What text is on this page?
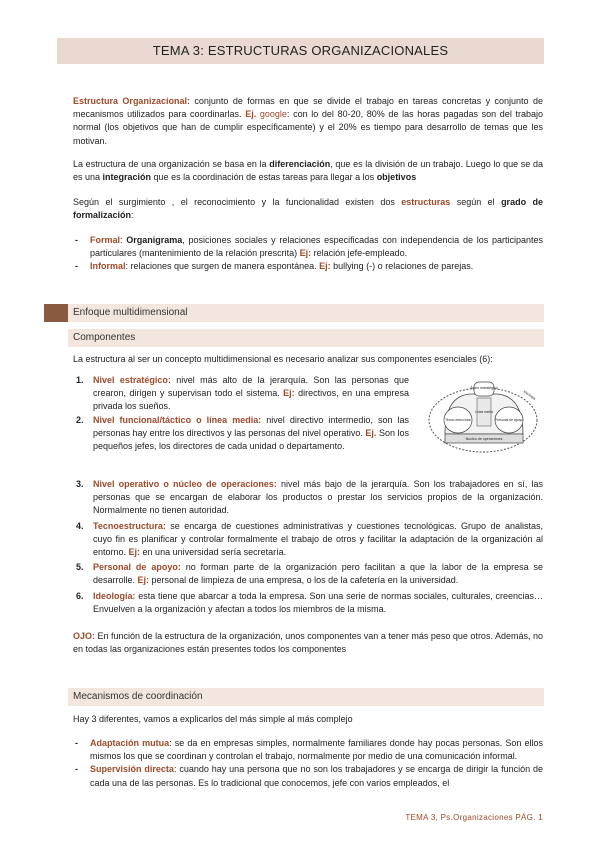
TEMA 3: ESTRUCTURAS ORGANIZACIONALES

Estructura Organizacional: conjunto de formas en que se divide el trabajo en tareas concretas y conjunto de mecanismos utilizados para coordinarlas. Ej. google: con lo del 80-20, 80% de las horas pagadas son del trabajo normal (los objetivos que han de cumplir específicamente) y el 20% es tiempo para desarrollo de temas que les motivan.

La estructura de una organización se basa en la diferenciación, que es la división de un trabajo. Luego lo que se da es una integración que es la coordinación de estas tareas para llegar a los objetivos

Según el surgimiento , el reconocimiento y la funcionalidad existen dos estructuras según el grado de formalización:

- Formal: Organigrama, posiciones sociales y relaciones especificadas con independencia de los participantes particulares (mantenimiento de la relación prescrita) Ej: relación jefe-empleado.
- Informal: relaciones que surgen de manera espontánea. Ej: bullying (-) o relaciones de parejas.
Enfoque multidimensional
Componentes

La estructura al ser un concepto multidimensional es necesario analizar sus componentes esenciales (6):

Ápice estratégico
Tecno-estructura	Personal de apoyo
Línea media
Núcleo de operaciones
Ideología
1. Nivel estratégico: nivel más alto de la jerarquía. Son las personas que crearon, dirigen y supervisan todo el sistema. Ej: directivos, en una empresa privada los sueños.
2. Nivel funcional/táctico o línea media: nivel directivo intermedio, son las personas hay entre los directivos y las personas del nivel operativo. Ej. Son los pequeños jefes, los directores de cada unidad o departamento.
3. Nivel operativo o núcleo de operaciones: nivel más bajo de la jerarquía. Son los trabajadores en sí, las personas que se encargan de elaborar los productos o prestar los servicios propios de la organización. Normalmente no tienen autoridad.
4. Tecnoestructura: se encarga de cuestiones administrativas y cuestiones tecnológicas. Grupo de analistas, cuyo fin es planificar y controlar formalmente el trabajo de otros y facilitar la adaptación de la organización al entorno. Ej: en una universidad sería secretaría.
5. Personal de apoyo: no forman parte de la organización pero facilitan a que la labor de la empresa se desarrolle. Ej: personal de limpieza de una empresa, o los de la cafetería en la universidad.
6. Ideología: esta tiene que abarcar a toda la empresa. Son una serie de normas sociales, culturales, creencias… Envuelven a la organización y afectan a todos los miembros de la misma.

OJO: En función de la estructura de la organización, unos componentes van a tener más peso que otros. Además, no en todas las organizaciones están presentes todos los componentes

Mecanismos de coordinación

Hay 3 diferentes, vamos a explicarlos del más simple al más complejo

- Adaptación mutua: se da en empresas simples, normalmente familiares donde hay pocas personas. Son ellos mismos los que se coordinan y controlan el trabajo, normalmente por medio de una comunicación informal.
- Supervisión directa: cuando hay una persona que no son los trabajadores y se encarga de dirigir la función de cada una de las personas. Es lo tradicional que conocemos, jefe con varios empleados, el
TEMA 3, Ps.Organizaciones PÁG. 1
